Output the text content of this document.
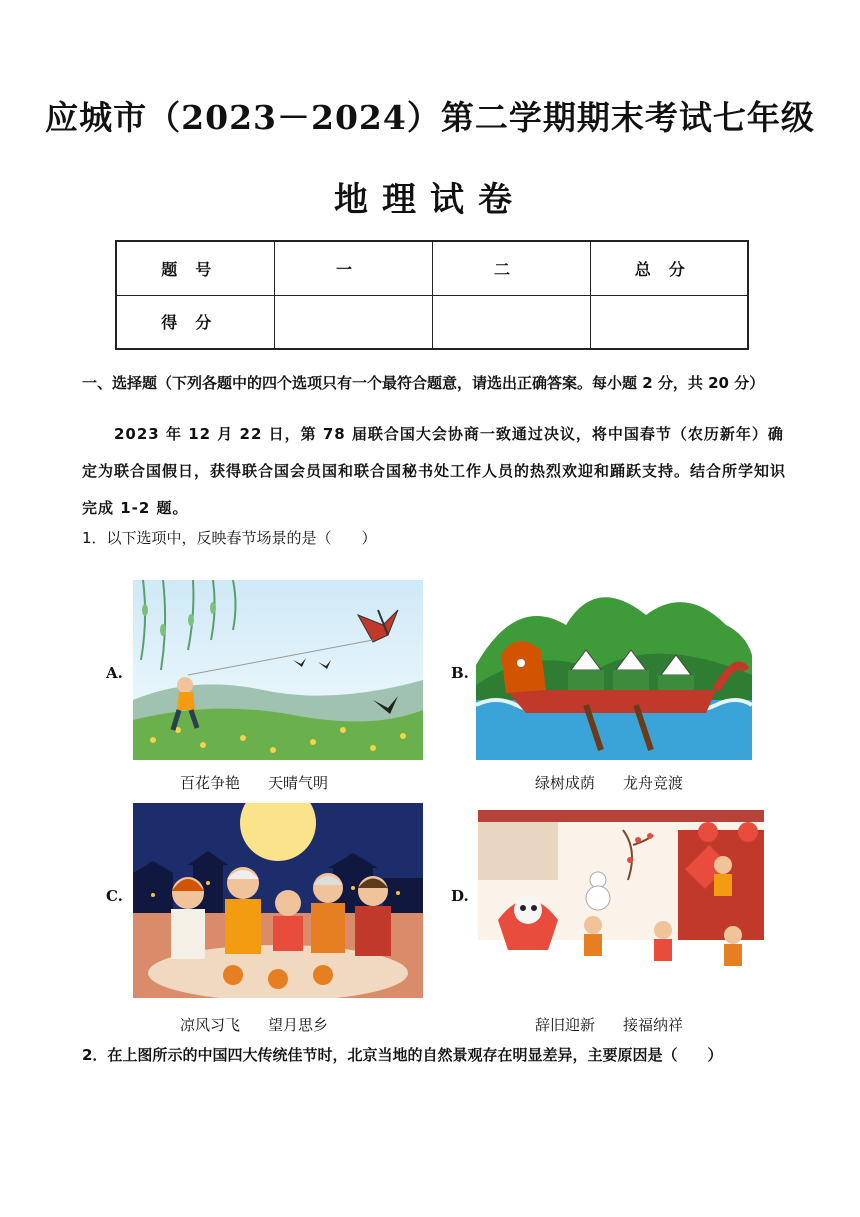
应城市（2023－2024）第二学期期末考试七年级
地理试卷
题号	一	二	总分
得分			
一、选择题（下列各题中的四个选项只有一个最符合题意，请选出正确答案。每小题 2 分，共 20 分）
2023 年 12 月 22 日，第 78 届联合国大会协商一致通过决议，将中国春节（农历新年）确定为联合国假日，获得联合国会员国和联合国秘书处工作人员的热烈欢迎和踊跃支持。结合所学知识完成 1-2 题。
1．以下选项中，反映春节场景的是（　　）
A.
百花争艳 天晴气明
B.
绿树成荫 龙舟竞渡
C.
凉风习飞 望月思乡
D.
辞旧迎新 接福纳祥
2．在上图所示的中国四大传统佳节时，北京当地的自然景观存在明显差异，主要原因是（　　）
